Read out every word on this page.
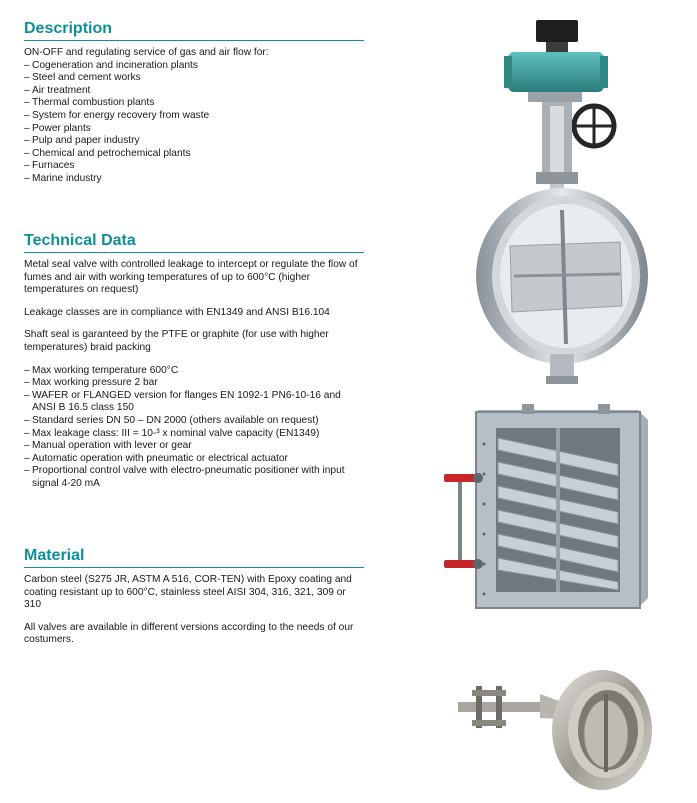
Description

ON-OFF and regulating service of gas and air flow for:

– Cogeneration and incineration plants
– Steel and cement works
– Air treatment
– Thermal combustion plants
– System for energy recovery from waste
– Power plants
– Pulp and paper industry
– Chemical and petrochemical plants
– Furnaces
– Marine industry
Technical Data

Metal seal valve with controlled leakage to intercept or regulate the flow of fumes and air with working temperatures of up to 600°C (higher temperatures on request)

Leakage classes are in compliance with EN1349 and ANSI B16.104

Shaft seal is garanteed by the PTFE or graphite (for use with higher temperatures) braid packing

– Max working temperature 600°C
– Max working pressure 2 bar
– WAFER or FLANGED version for flanges EN 1092-1 PN6-10-16 and ANSI B 16.5 class 150
– Standard series DN 50 – DN 2000 (others available on request)
– Max leakage class: III = 10-³ x nominal valve capacity (EN1349)
– Manual operation with lever or gear
– Automatic operation with pneumatic or electrical actuator
– Proportional control valve with electro-pneumatic positioner with input signal 4-20 mA
Material

Carbon steel (S275 JR, ASTM A 516, COR-TEN) with Epoxy coating and coating resistant up to 600°C, stainless steel AISI 304, 316, 321, 309 or 310

All valves are available in different versions according to the needs of our costumers.
